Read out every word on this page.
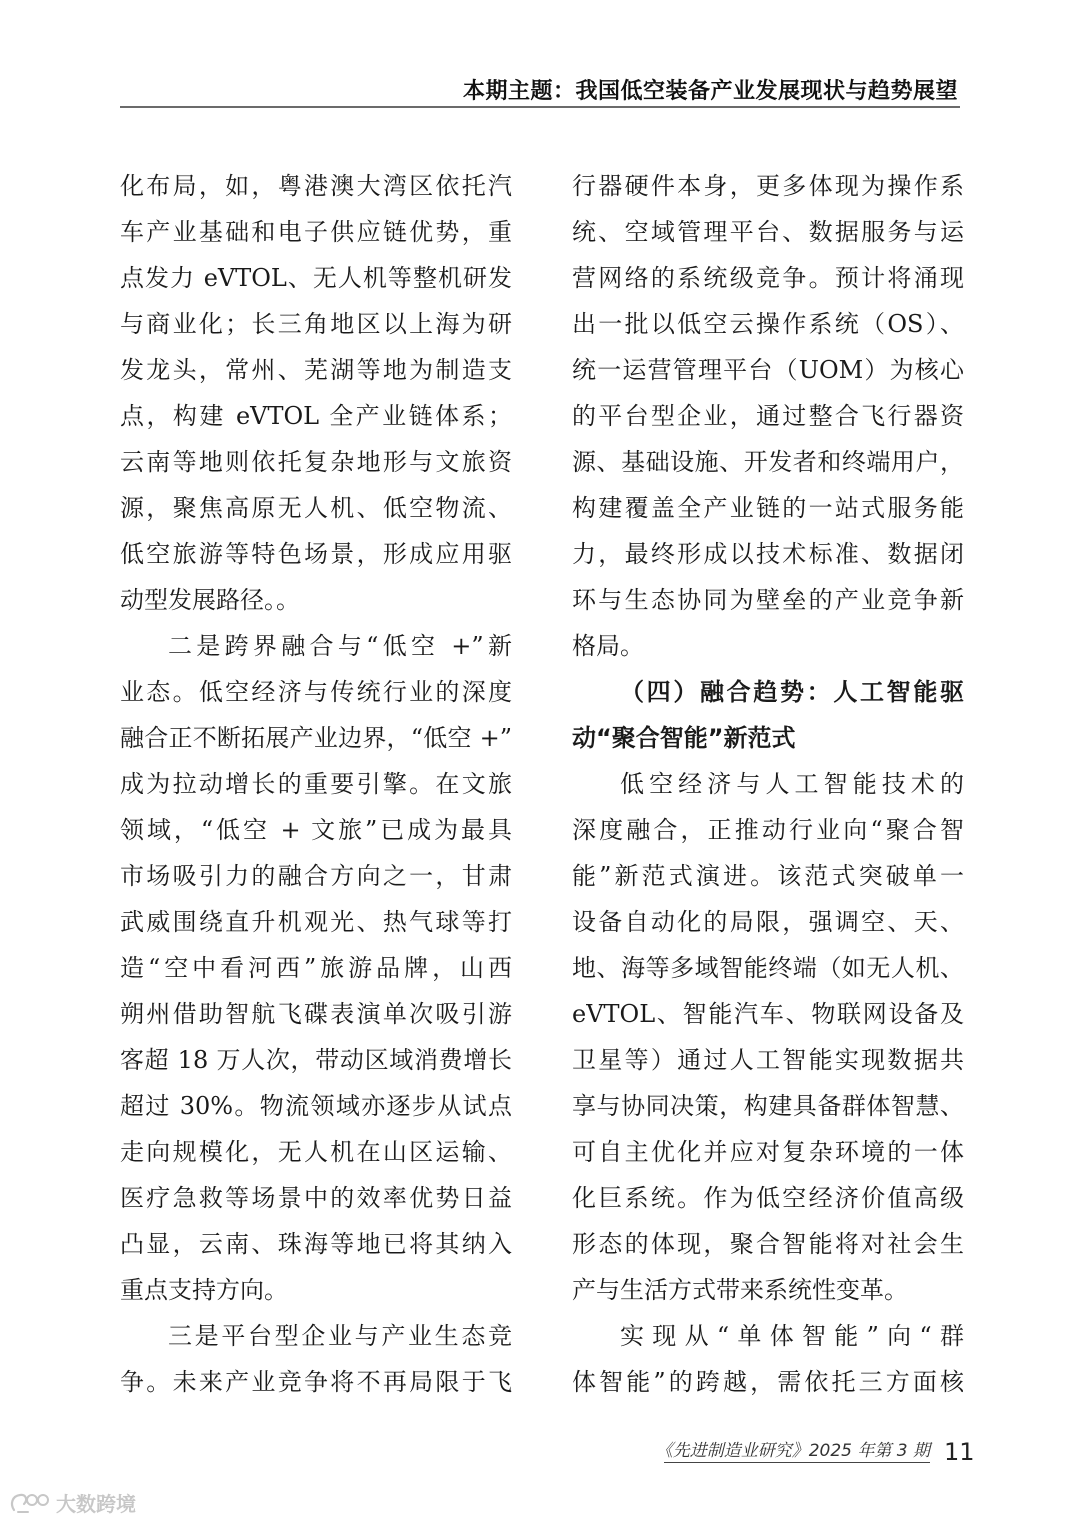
本期主题：我国低空装备产业发展现状与趋势展望
化布局，如，粤港澳大湾区依托汽
车产业基础和电子供应链优势，重
点发力 eVTOL、无人机等整机研发
与商业化；长三角地区以上海为研
发龙头，常州、芜湖等地为制造支
点，构建 eVTOL 全产业链体系；
云南等地则依托复杂地形与文旅资
源，聚焦高原无人机、低空物流、
低空旅游等特色场景，形成应用驱
动型发展路径。。
二是跨界融合与“低空 +”新
业态。低空经济与传统行业的深度
融合正不断拓展产业边界，“低空 +”
成为拉动增长的重要引擎。在文旅
领域，“低空 + 文旅”已成为最具
市场吸引力的融合方向之一，甘肃
武威围绕直升机观光、热气球等打
造“空中看河西”旅游品牌，山西
朔州借助智航飞碟表演单次吸引游
客超 18 万人次，带动区域消费增长
超过 30%。物流领域亦逐步从试点
走向规模化，无人机在山区运输、
医疗急救等场景中的效率优势日益
凸显，云南、珠海等地已将其纳入
重点支持方向。
三是平台型企业与产业生态竞
争。未来产业竞争将不再局限于飞
行器硬件本身，更多体现为操作系
统、空域管理平台、数据服务与运
营网络的系统级竞争。预计将涌现
出一批以低空云操作系统（OS）、
统一运营管理平台（UOM）为核心
的平台型企业，通过整合飞行器资
源、基础设施、开发者和终端用户，
构建覆盖全产业链的一站式服务能
力，最终形成以技术标准、数据闭
环与生态协同为壁垒的产业竞争新
格局。
（四）融合趋势：人工智能驱
动“聚合智能”新范式
低空经济与人工智能技术的
深度融合，正推动行业向“聚合智
能”新范式演进。该范式突破单一
设备自动化的局限，强调空、天、
地、海等多域智能终端（如无人机、
eVTOL、智能汽车、物联网设备及
卫星等）通过人工智能实现数据共
享与协同决策，构建具备群体智慧、
可自主优化并应对复杂环境的一体
化巨系统。作为低空经济价值高级
形态的体现，聚合智能将对社会生
产与生活方式带来系统性变革。
实现从“单体智能”向“群
体智能”的跨越，需依托三方面核
《先进制造业研究》2025 年第 3 期 11
大数跨境
